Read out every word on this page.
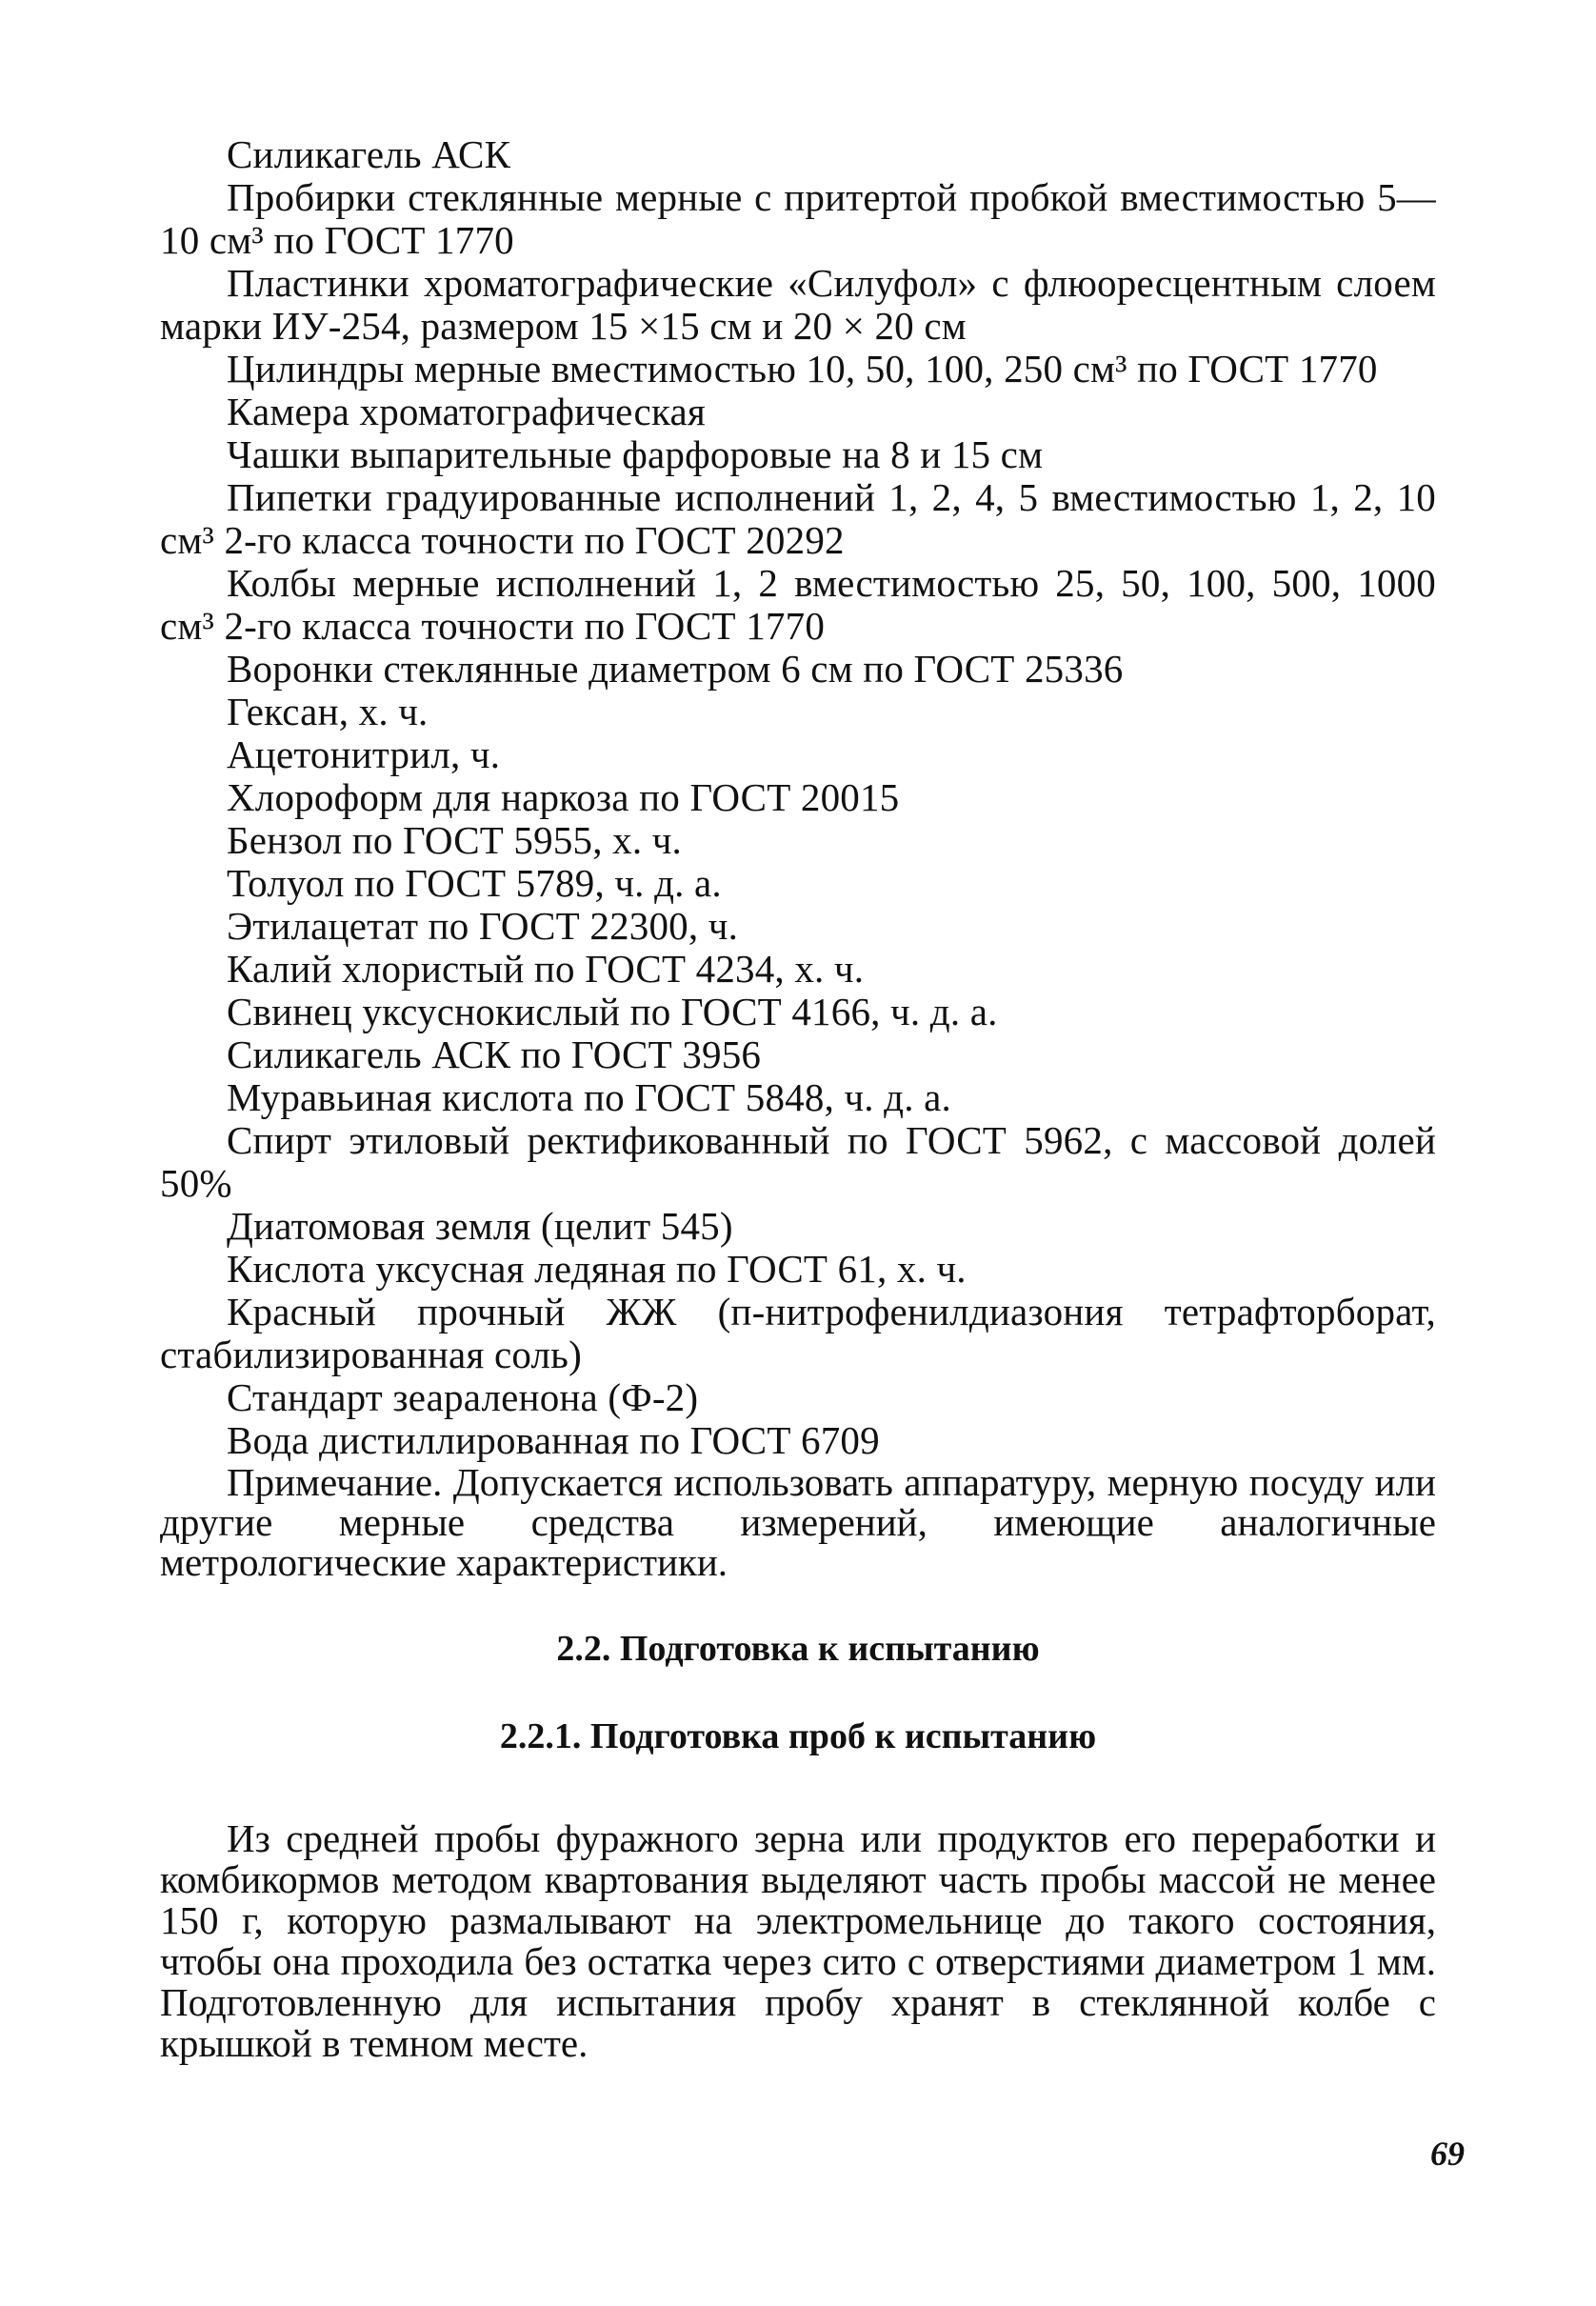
Силикагель АСК

Пробирки стеклянные мерные с притертой пробкой вместимостью 5—10 см³ по ГОСТ 1770

Пластинки хроматографические «Силуфол» с флюоресцентным слоем марки ИУ-254, размером 15 ×15 см и 20 × 20 см

Цилиндры мерные вместимостью 10, 50, 100, 250 см³ по ГОСТ 1770

Камера хроматографическая

Чашки выпарительные фарфоровые на 8 и 15 см

Пипетки градуированные исполнений 1, 2, 4, 5 вместимостью 1, 2, 10 см³ 2-го класса точности по ГОСТ 20292

Колбы мерные исполнений 1, 2 вместимостью 25, 50, 100, 500, 1000 см³ 2-го класса точности по ГОСТ 1770

Воронки стеклянные диаметром 6 см по ГОСТ 25336

Гексан, х. ч.

Ацетонитрил, ч.

Хлороформ для наркоза по ГОСТ 20015

Бензол по ГОСТ 5955, х. ч.

Толуол по ГОСТ 5789, ч. д. а.

Этилацетат по ГОСТ 22300, ч.

Калий хлористый по ГОСТ 4234, х. ч.

Свинец уксуснокислый по ГОСТ 4166, ч. д. а.

Силикагель АСК по ГОСТ 3956

Муравьиная кислота по ГОСТ 5848, ч. д. а.

Спирт этиловый ректификованный по ГОСТ 5962, с массовой долей 50%

Диатомовая земля (целит 545)

Кислота уксусная ледяная по ГОСТ 61, х. ч.

Красный прочный ЖЖ (п-нитрофенилдиазония тетрафторборат, стабилизированная соль)

Стандарт зеараленона (Ф-2)

Вода дистиллированная по ГОСТ 6709

Примечание. Допускается использовать аппаратуру, мерную посуду или другие мерные средства измерений, имеющие аналогичные метрологические характеристики.

2.2. Подготовка к испытанию
2.2.1. Подготовка проб к испытанию

Из средней пробы фуражного зерна или продуктов его переработки и комбикормов методом квартования выделяют часть пробы массой не менее 150 г, которую размалывают на электромельнице до такого состояния, чтобы она проходила без остатка через сито с отверстиями диаметром 1 мм. Подготовленную для испытания пробу хранят в стеклянной колбе с крышкой в темном месте.

69
